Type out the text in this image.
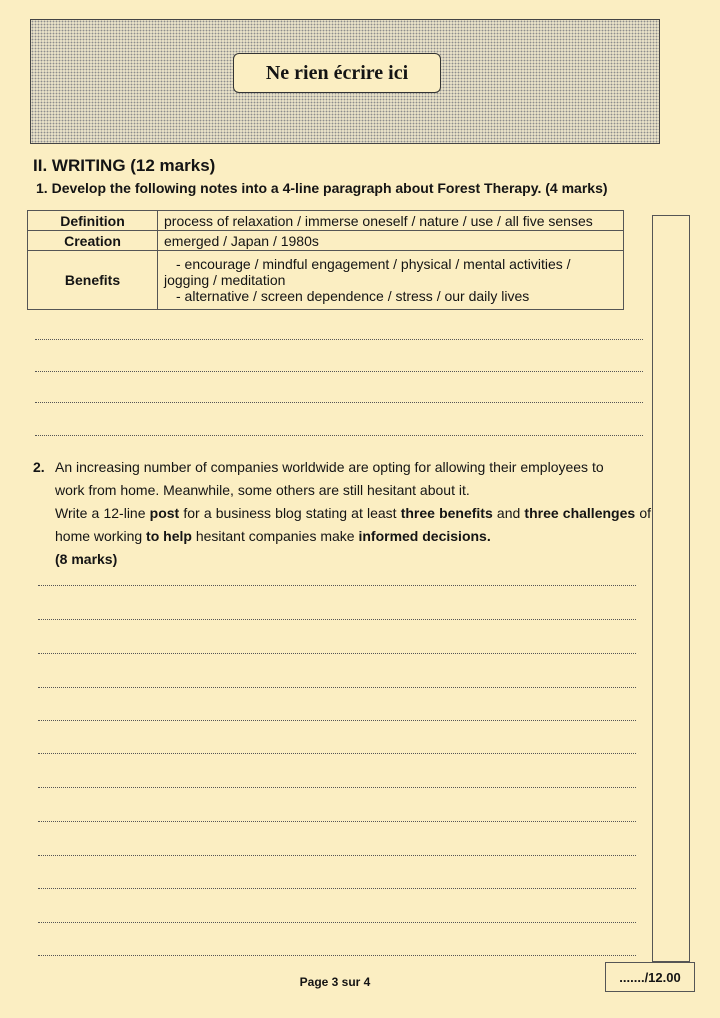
Ne rien écrire ici
II. WRITING (12 marks)
1. Develop the following notes into a 4-line paragraph about Forest Therapy. (4 marks)
Definition	process of relaxation / immerse oneself / nature / use / all five senses
Creation	emerged / Japan / 1980s
Benefits	- encourage / mindful engagement / physical / mental activities /
jogging / meditation
- alternative / screen dependence / stress / our daily lives
2. An increasing number of companies worldwide are opting for allowing their employees to
work from home. Meanwhile, some others are still hesitant about it.
Write a 12-line post for a business blog stating at least three benefits and three challenges of home working to help hesitant companies make informed decisions.
(8 marks)
Page 3 sur 4	......./12.00
